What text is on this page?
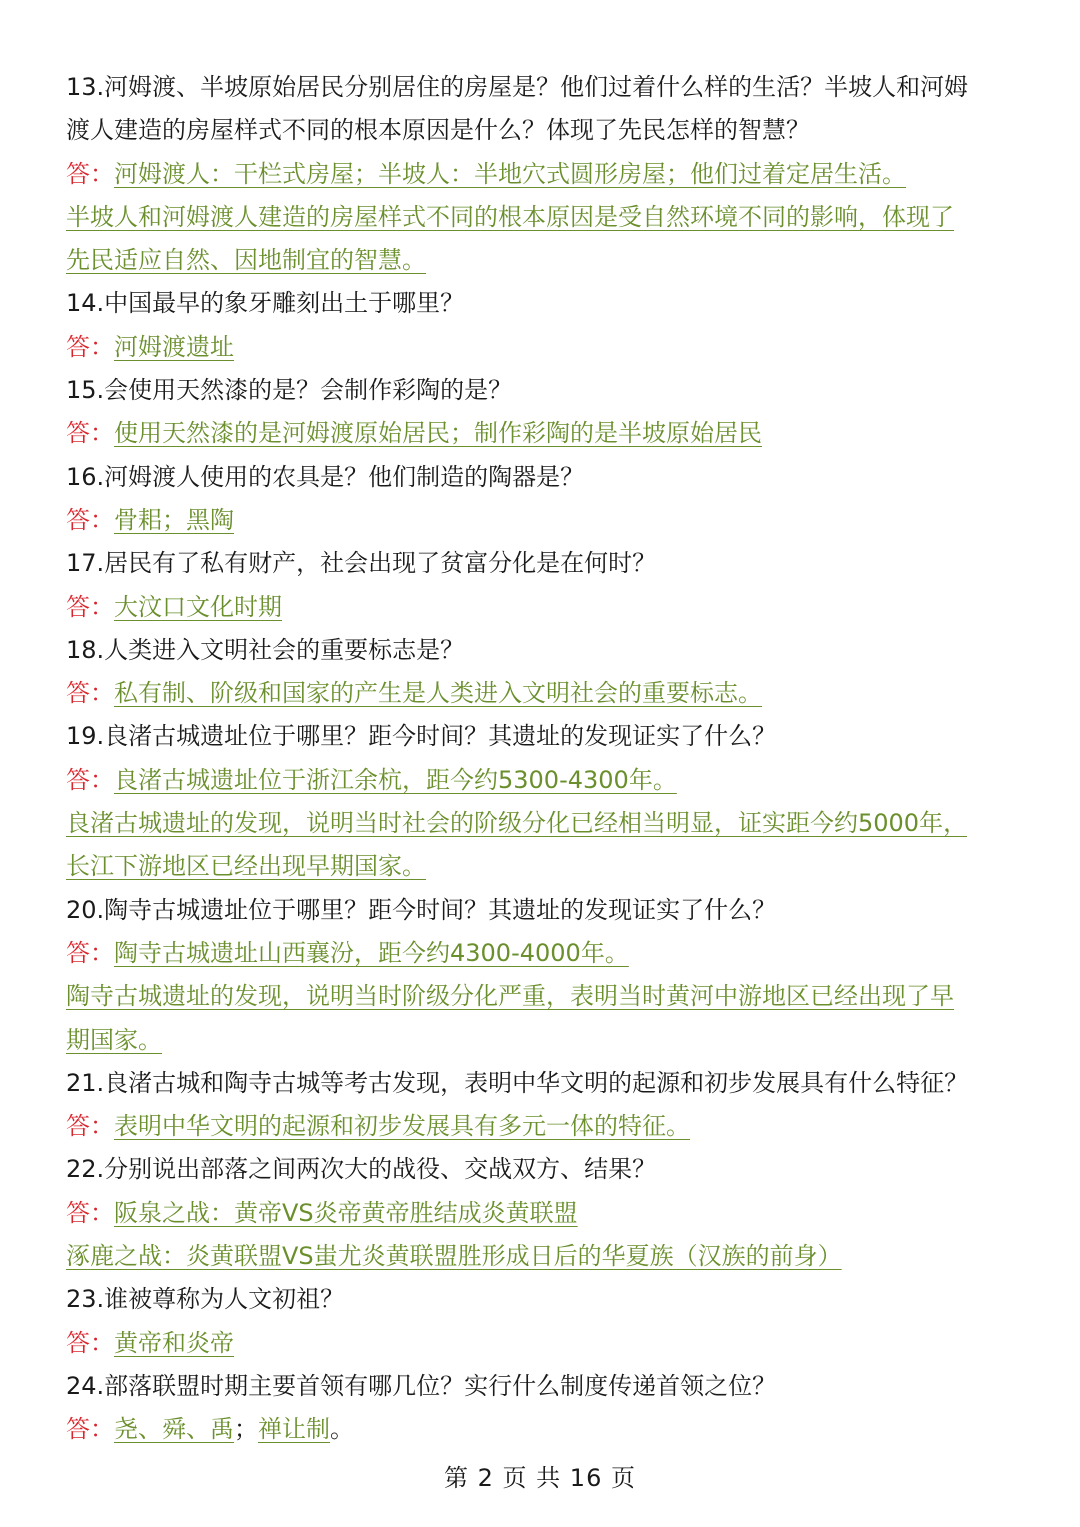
13.河姆渡、半坡原始居民分别居住的房屋是？他们过着什么样的生活？半坡人和河姆
渡人建造的房屋样式不同的根本原因是什么？体现了先民怎样的智慧？
答：河姆渡人：干栏式房屋；半坡人：半地穴式圆形房屋；他们过着定居生活。
半坡人和河姆渡人建造的房屋样式不同的根本原因是受自然环境不同的影响，体现了
先民适应自然、因地制宜的智慧。
14.中国最早的象牙雕刻出土于哪里？
答：河姆渡遗址
15.会使用天然漆的是？会制作彩陶的是？
答：使用天然漆的是河姆渡原始居民；制作彩陶的是半坡原始居民
16.河姆渡人使用的农具是？他们制造的陶器是？
答：骨耜；黑陶
17.居民有了私有财产，社会出现了贫富分化是在何时？
答：大汶口文化时期
18.人类进入文明社会的重要标志是？
答：私有制、阶级和国家的产生是人类进入文明社会的重要标志。
19.良渚古城遗址位于哪里？距今时间？其遗址的发现证实了什么？
答：良渚古城遗址位于浙江余杭，距今约5300-4300年。
良渚古城遗址的发现，说明当时社会的阶级分化已经相当明显，证实距今约5000年，
长江下游地区已经出现早期国家。
20.陶寺古城遗址位于哪里？距今时间？其遗址的发现证实了什么？
答：陶寺古城遗址山西襄汾，距今约4300-4000年。
陶寺古城遗址的发现，说明当时阶级分化严重，表明当时黄河中游地区已经出现了早
期国家。
21.良渚古城和陶寺古城等考古发现，表明中华文明的起源和初步发展具有什么特征？
答：表明中华文明的起源和初步发展具有多元一体的特征。
22.分别说出部落之间两次大的战役、交战双方、结果？
答：阪泉之战：黄帝VS炎帝黄帝胜结成炎黄联盟
涿鹿之战：炎黄联盟VS蚩尤炎黄联盟胜形成日后的华夏族（汉族的前身）
23.谁被尊称为人文初祖？
答：黄帝和炎帝
24.部落联盟时期主要首领有哪几位？实行什么制度传递首领之位？
答：尧、舜、禹；禅让制。
第 2 页 共 16 页
